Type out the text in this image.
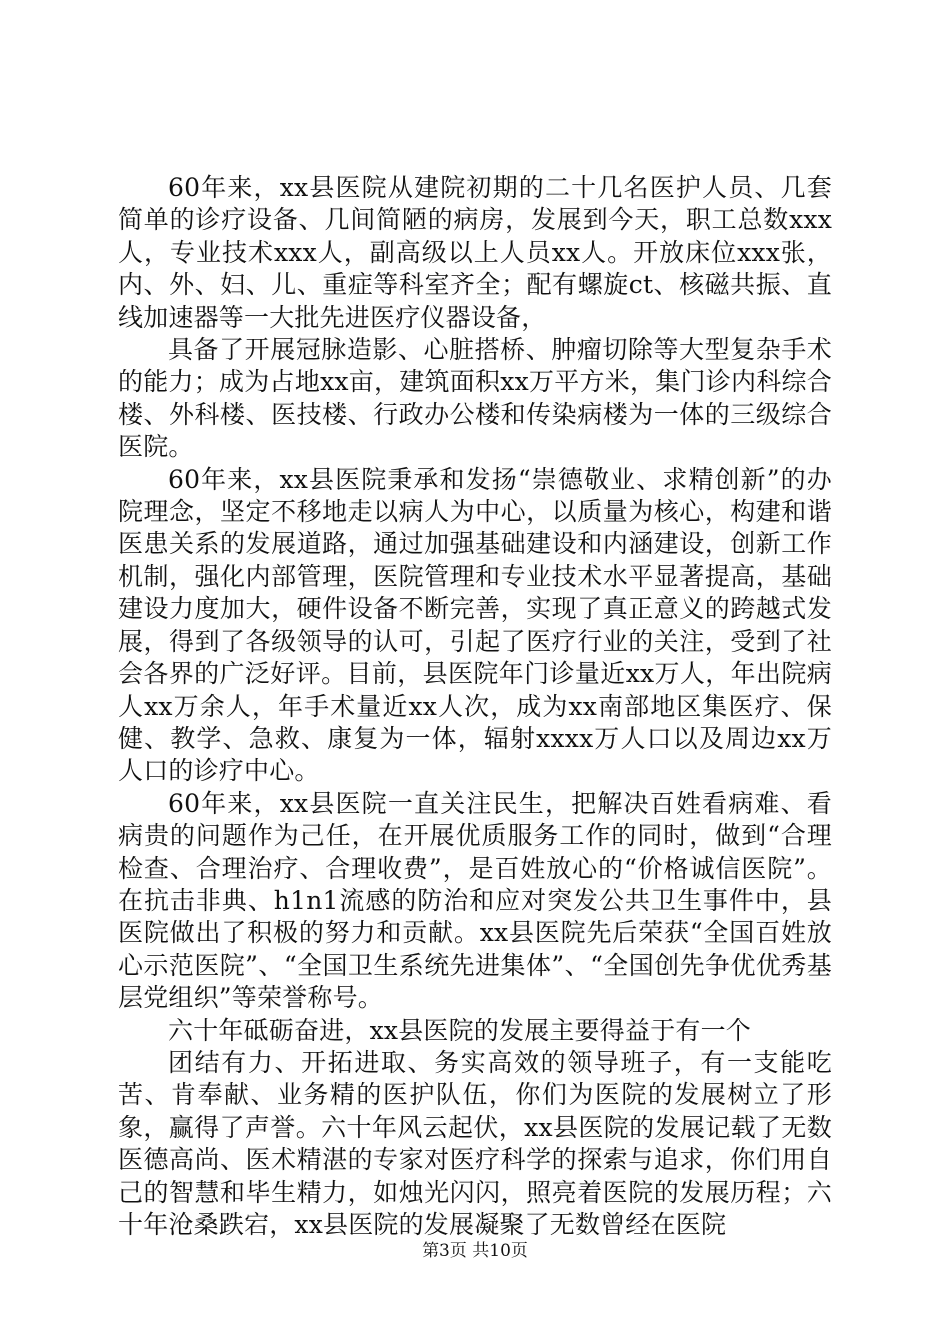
60年来，xx县医院从建院初期的二十几名医护人员、几套简单的诊疗设备、几间简陋的病房，发展到今天，职工总数xxx人，专业技术xxx人，副高级以上人员xx人。开放床位xxx张，内、外、妇、儿、重症等科室齐全；配有螺旋ct、核磁共振、直线加速器等一大批先进医疗仪器设备，

具备了开展冠脉造影、心脏搭桥、肿瘤切除等大型复杂手术的能力；成为占地xx亩，建筑面积xx万平方米，集门诊内科综合楼、外科楼、医技楼、行政办公楼和传染病楼为一体的三级综合医院。

60年来，xx县医院秉承和发扬“崇德敬业、求精创新”的办院理念，坚定不移地走以病人为中心，以质量为核心，构建和谐医患关系的发展道路，通过加强基础建设和内涵建设，创新工作机制，强化内部管理，医院管理和专业技术水平显著提高，基础建设力度加大，硬件设备不断完善，实现了真正意义的跨越式发展，得到了各级领导的认可，引起了医疗行业的关注，受到了社会各界的广泛好评。目前，县医院年门诊量近xx万人，年出院病人xx万余人，年手术量近xx人次，成为xx南部地区集医疗、保健、教学、急救、康复为一体，辐射xxxx万人口以及周边xx万人口的诊疗中心。

60年来，xx县医院一直关注民生，把解决百姓看病难、看病贵的问题作为己任，在开展优质服务工作的同时，做到“合理检查、合理治疗、合理收费”，是百姓放心的“价格诚信医院”。在抗击非典、h1n1流感的防治和应对突发公共卫生事件中，县医院做出了积极的努力和贡献。xx县医院先后荣获“全国百姓放心示范医院”、“全国卫生系统先进集体”、“全国创先争优优秀基层党组织”等荣誉称号。

六十年砥砺奋进，xx县医院的发展主要得益于有一个

团结有力、开拓进取、务实高效的领导班子，有一支能吃苦、肯奉献、业务精的医护队伍，你们为医院的发展树立了形象，赢得了声誉。六十年风云起伏，xx县医院的发展记载了无数医德高尚、医术精湛的专家对医疗科学的探索与追求，你们用自己的智慧和毕生精力，如烛光闪闪，照亮着医院的发展历程；六十年沧桑跌宕，xx县医院的发展凝聚了无数曾经在医院

第3页 共10页
